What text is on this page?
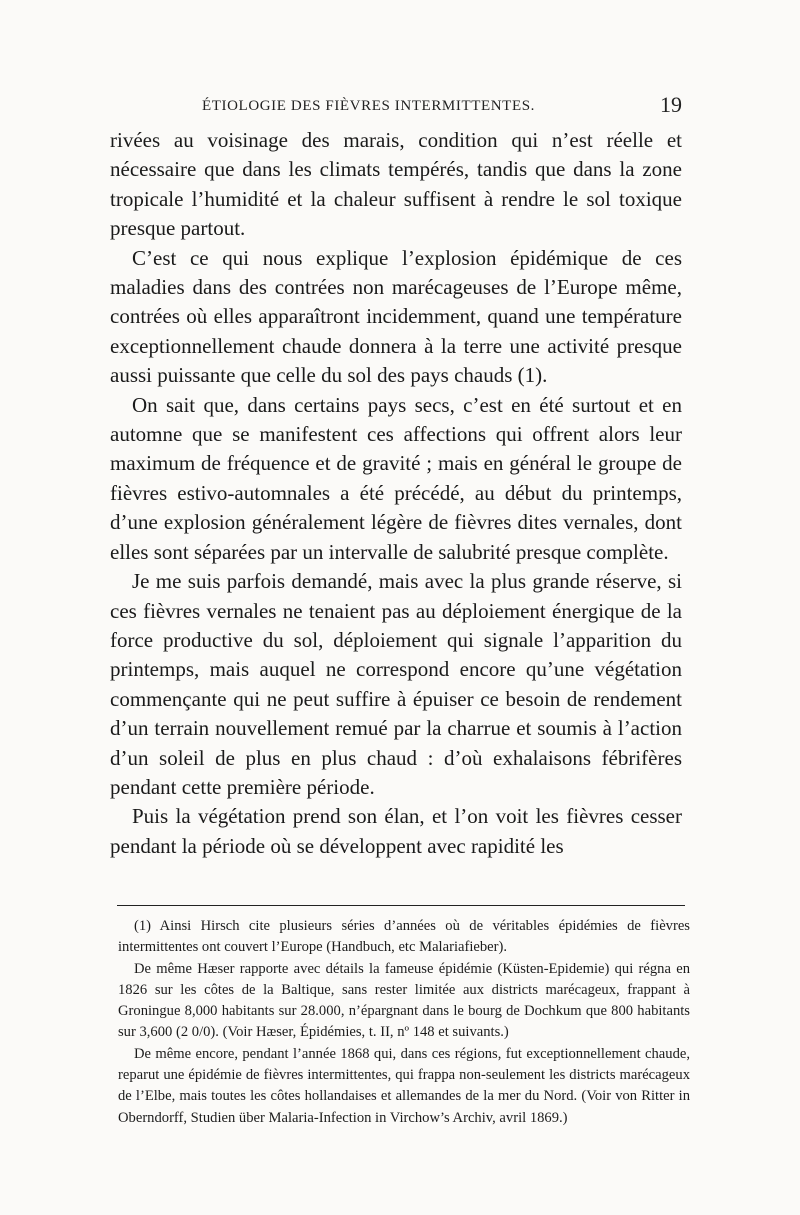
ÉTIOLOGIE DES FIÈVRES INTERMITTENTES.	19

rivées au voisinage des marais, condition qui n’est réelle et nécessaire que dans les climats tempérés, tandis que dans la zone tropicale l’humidité et la chaleur suffisent à rendre le sol toxique presque partout.

C’est ce qui nous explique l’explosion épidémique de ces maladies dans des contrées non marécageuses de l’Europe même, contrées où elles apparaîtront incidemment, quand une température exceptionnellement chaude donnera à la terre une activité presque aussi puissante que celle du sol des pays chauds (1).

On sait que, dans certains pays secs, c’est en été surtout et en automne que se manifestent ces affections qui offrent alors leur maximum de fréquence et de gravité ; mais en général le groupe de fièvres estivo-automnales a été précédé, au début du printemps, d’une explosion généralement légère de fièvres dites vernales, dont elles sont séparées par un intervalle de salubrité presque complète.

Je me suis parfois demandé, mais avec la plus grande réserve, si ces fièvres vernales ne tenaient pas au déploiement énergique de la force productive du sol, déploiement qui signale l’apparition du printemps, mais auquel ne correspond encore qu’une végétation commençante qui ne peut suffire à épuiser ce besoin de rendement d’un terrain nouvellement remué par la charrue et soumis à l’action d’un soleil de plus en plus chaud : d’où exhalaisons fébrifères pendant cette première période.

Puis la végétation prend son élan, et l’on voit les fièvres cesser pendant la période où se développent avec rapidité les

(1) Ainsi Hirsch cite plusieurs séries d’années où de véritables épidémies de fièvres intermittentes ont couvert l’Europe (Handbuch, etc Malariafieber).

De même Hæser rapporte avec détails la fameuse épidémie (Küsten-Epidemie) qui régna en 1826 sur les côtes de la Baltique, sans rester limitée aux districts marécageux, frappant à Groningue 8,000 habitants sur 28.000, n’épargnant dans le bourg de Dochkum que 800 habitants sur 3,600 (2 0/0). (Voir Hæser, Épidémies, t. II, nº 148 et suivants.)

De même encore, pendant l’année 1868 qui, dans ces régions, fut exceptionnellement chaude, reparut une épidémie de fièvres intermittentes, qui frappa non-seulement les districts marécageux de l’Elbe, mais toutes les côtes hollandaises et allemandes de la mer du Nord. (Voir von Ritter in Oberndorff, Studien über Malaria-Infection in Virchow’s Archiv, avril 1869.)
